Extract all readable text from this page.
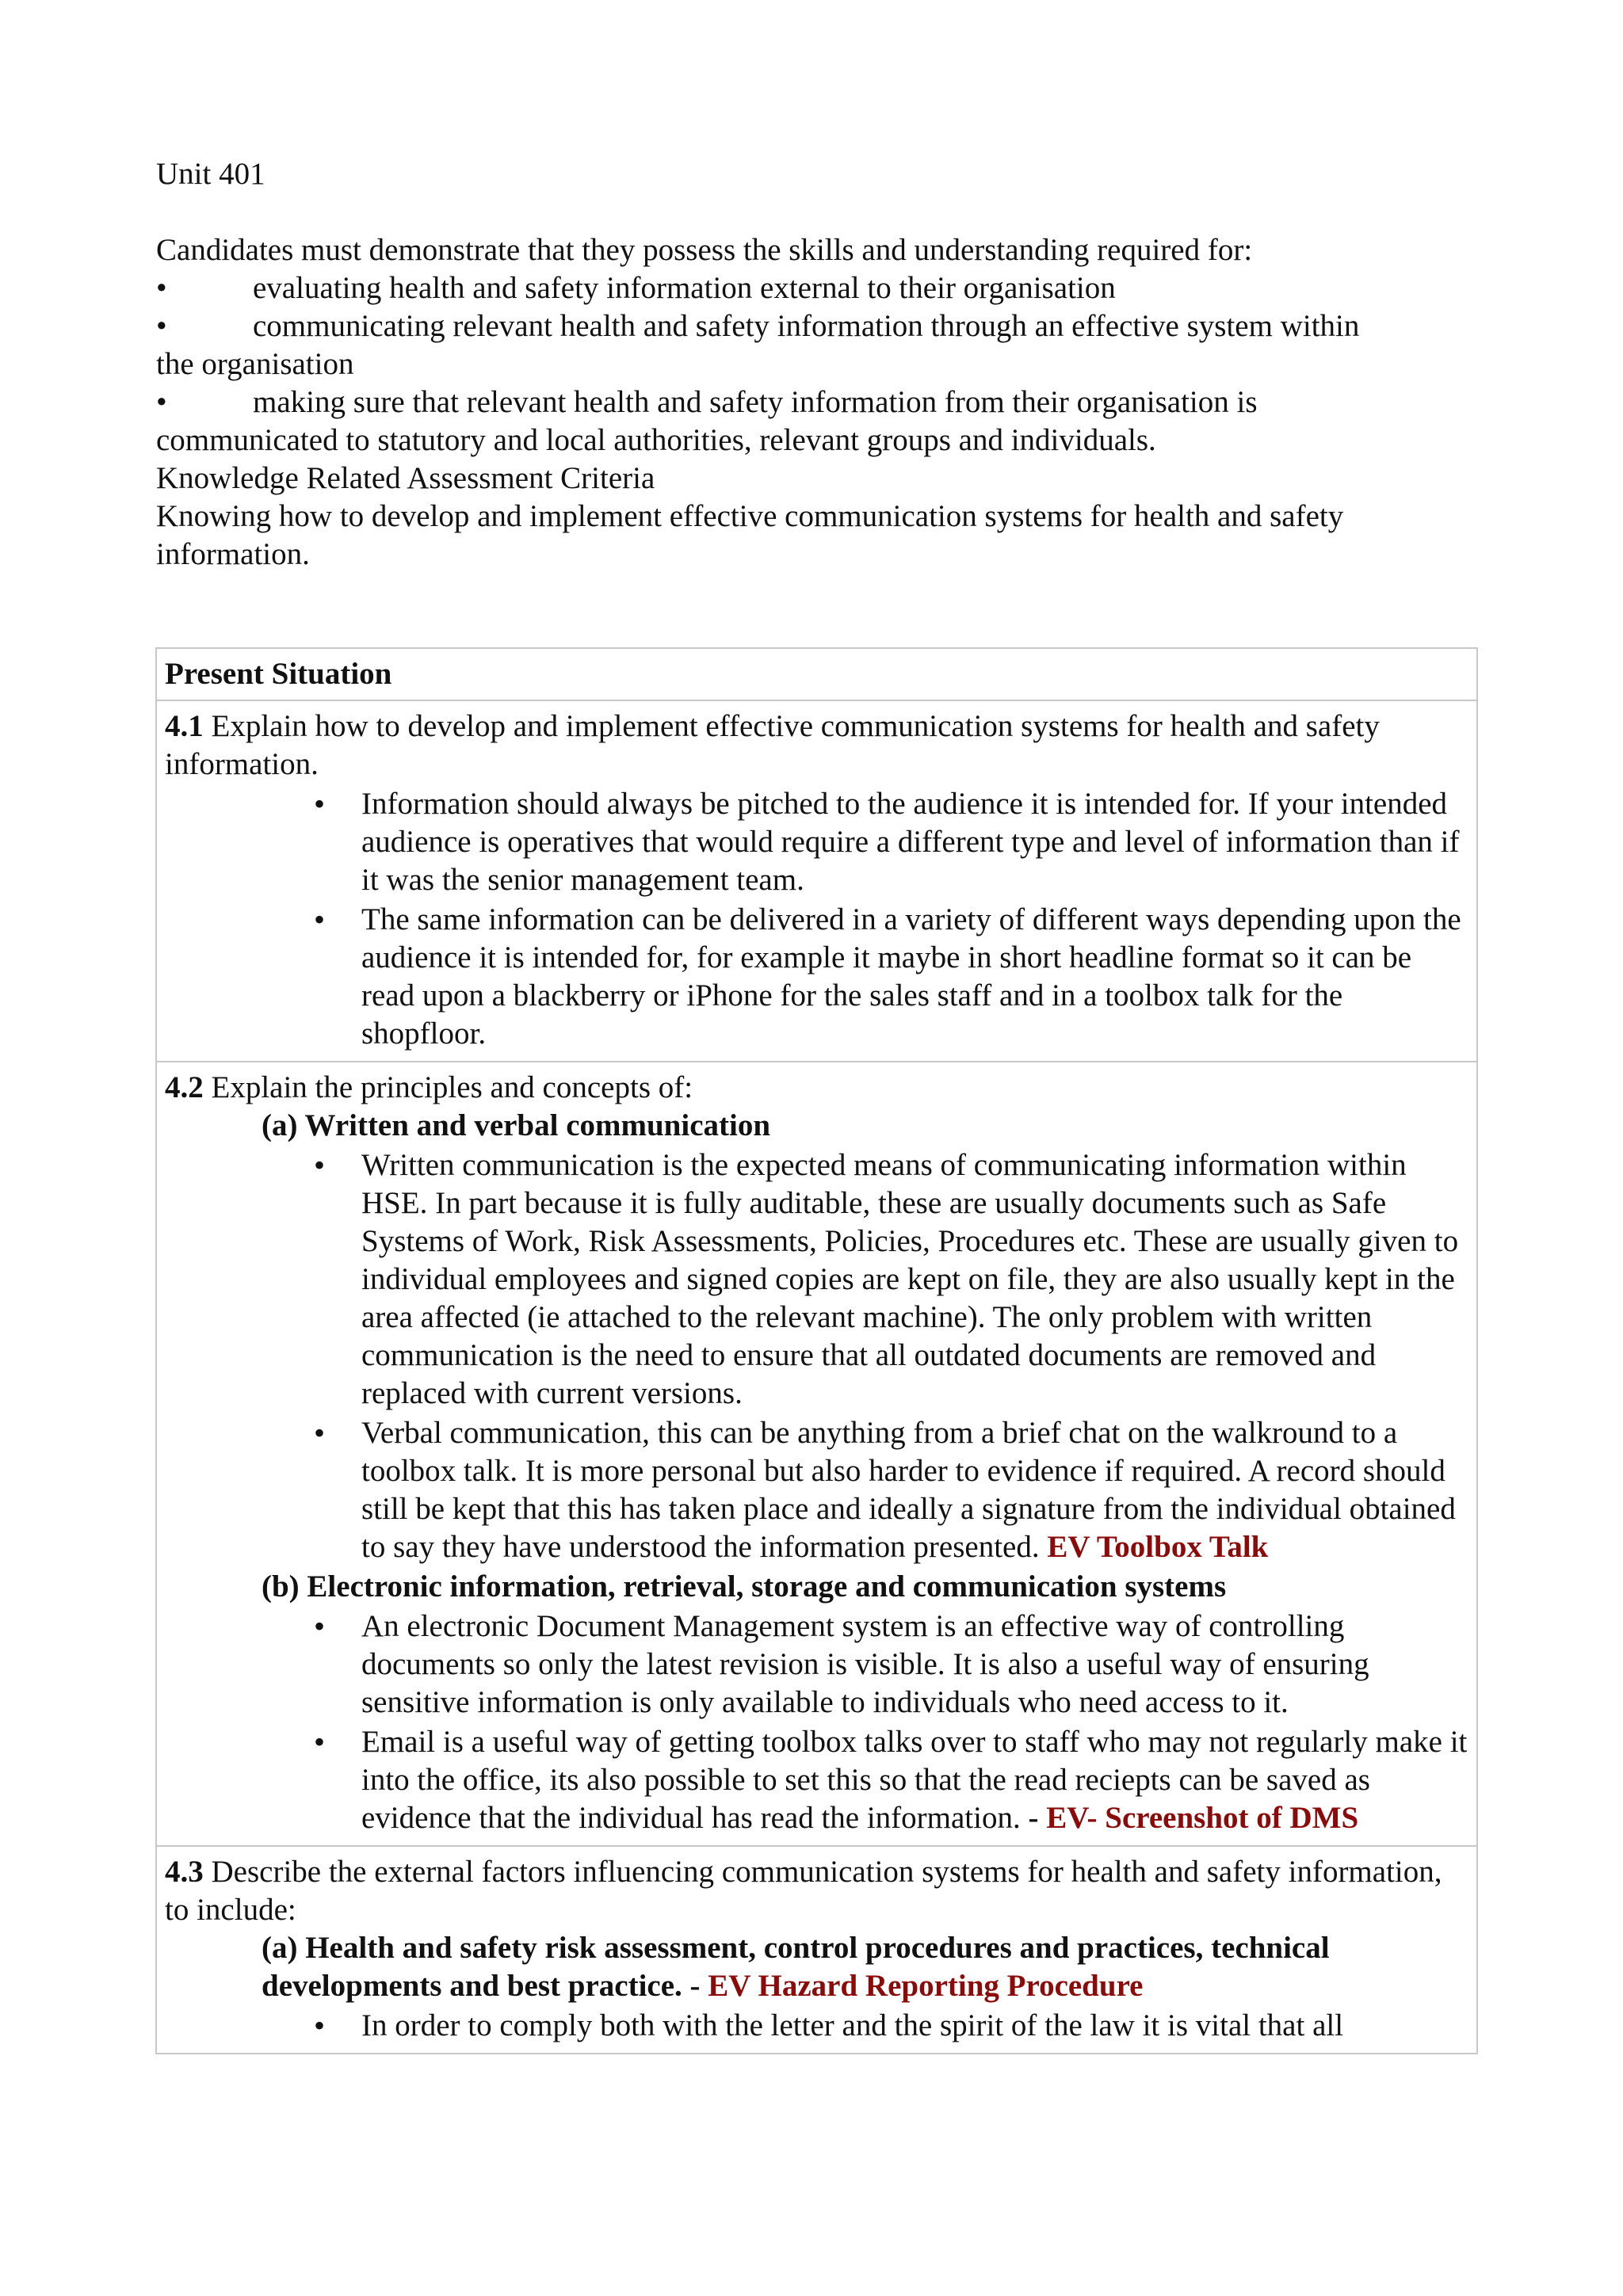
Unit 401

Candidates must demonstrate that they possess the skills and understanding required for:

•	evaluating health and safety information external to their organisation

•	communicating relevant health and safety information through an effective system within

the organisation

•	making sure that relevant health and safety information from their organisation is

communicated to statutory and local authorities, relevant groups and individuals.

Knowledge Related Assessment Criteria

Knowing how to develop and implement effective communication systems for health and safety

information.

Present Situation

4.1 Explain how to develop and implement effective communication systems for health and safety information.
• Information should always be pitched to the audience it is intended for. If your intended audience is operatives that would require a different type and level of information than if it was the senior management team.
• The same information can be delivered in a variety of different ways depending upon the audience it is intended for, for example it maybe in short headline format so it can be read upon a blackberry or iPhone for the sales staff and in a toolbox talk for the shopfloor.

4.2 Explain the principles and concepts of:
(a) Written and verbal communication
• Written communication is the expected means of communicating information within HSE. In part because it is fully auditable, these are usually documents such as Safe Systems of Work, Risk Assessments, Policies, Procedures etc. These are usually given to individual employees and signed copies are kept on file, they are also usually kept in the area affected (ie attached to the relevant machine). The only problem with written communication is the need to ensure that all outdated documents are removed and replaced with current versions.
• Verbal communication, this can be anything from a brief chat on the walkround to a toolbox talk. It is more personal but also harder to evidence if required. A record should still be kept that this has taken place and ideally a signature from the individual obtained to say they have understood the information presented. EV Toolbox Talk
(b) Electronic information, retrieval, storage and communication systems
• An electronic Document Management system is an effective way of controlling documents so only the latest revision is visible. It is also a useful way of ensuring sensitive information is only available to individuals who need access to it.
• Email is a useful way of getting toolbox talks over to staff who may not regularly make it into the office, its also possible to set this so that the read reciepts can be saved as evidence that the individual has read the information. - EV- Screenshot of DMS

4.3 Describe the external factors influencing communication systems for health and safety information, to include:
(a) Health and safety risk assessment, control procedures and practices, technical developments and best practice. - EV Hazard Reporting Procedure
• In order to comply both with the letter and the spirit of the law it is vital that all
